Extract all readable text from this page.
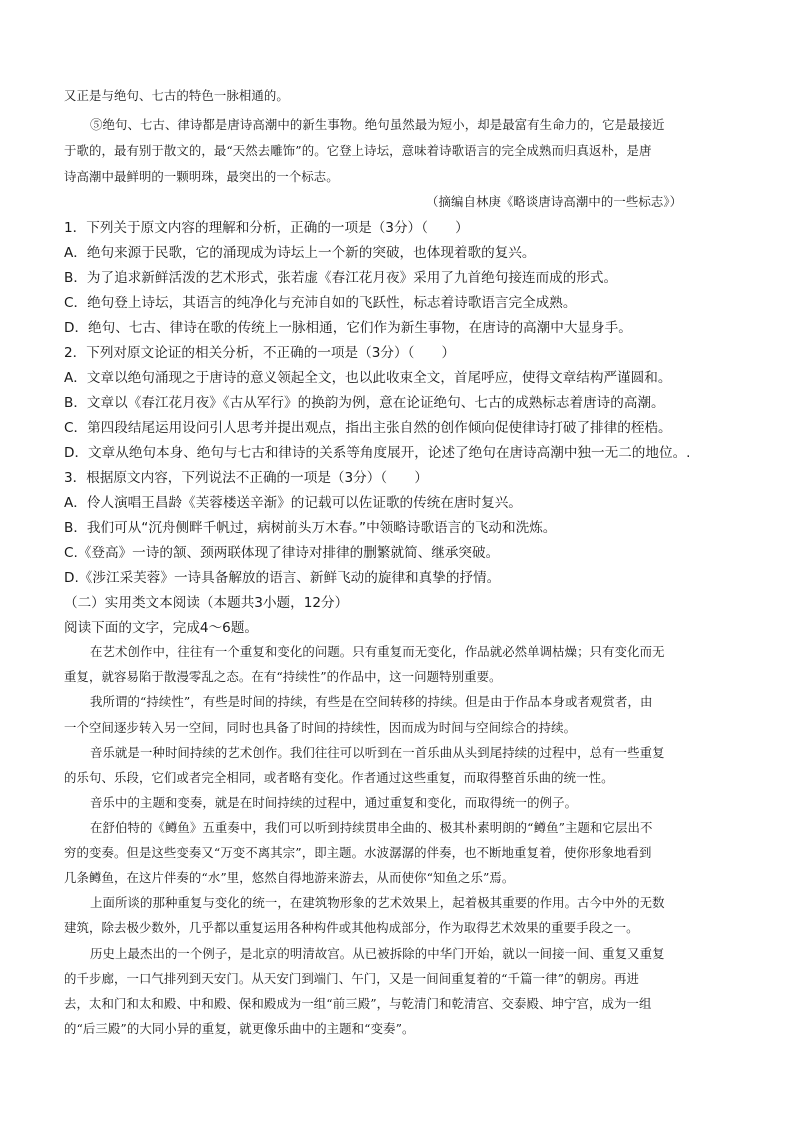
又正是与绝句、七古的特色一脉相通的。
⑤绝句、七古、律诗都是唐诗高潮中的新生事物。绝句虽然最为短小，却是最富有生命力的，它是最接近
于歌的，最有别于散文的，最“天然去雕饰”的。它登上诗坛，意味着诗歌语言的完全成熟而归真返朴，是唐
诗高潮中最鲜明的一颗明珠，最突出的一个标志。
（摘编自林庚《略谈唐诗高潮中的一些标志》）
1．下列关于原文内容的理解和分析，正确的一项是（3分）（　　）
A．绝句来源于民歌，它的涌现成为诗坛上一个新的突破，也体现着歌的复兴。
B．为了追求新鲜活泼的艺术形式，张若虚《春江花月夜》采用了九首绝句接连而成的形式。
C．绝句登上诗坛，其语言的纯净化与充沛自如的飞跃性，标志着诗歌语言完全成熟。
D．绝句、七古、律诗在歌的传统上一脉相通，它们作为新生事物，在唐诗的高潮中大显身手。
2．下列对原文论证的相关分析，不正确的一项是（3分）（　　）
A．文章以绝句涌现之于唐诗的意义领起全文，也以此收束全文，首尾呼应，使得文章结构严谨圆和。
B．文章以《春江花月夜》《古从军行》的换韵为例，意在论证绝句、七古的成熟标志着唐诗的高潮。
C．第四段结尾运用设问引人思考并提出观点，指出主张自然的创作倾向促使律诗打破了排律的桎梏。
D．文章从绝句本身、绝句与七古和律诗的关系等角度展开，论述了绝句在唐诗高潮中独一无二的地位。.
3．根据原文内容，下列说法不正确的一项是（3分）（　　）
A．伶人演唱王昌龄《芙蓉楼送辛渐》的记载可以佐证歌的传统在唐时复兴。
B．我们可从“沉舟侧畔千帆过，病树前头万木春。”中领略诗歌语言的飞动和洗炼。
C.《登高》一诗的颔、颈两联体现了律诗对排律的删繁就简、继承突破。
D.《涉江采芙蓉》一诗具备解放的语言、新鲜飞动的旋律和真挚的抒情。
（二）实用类文本阅读（本题共3小题，12分）
阅读下面的文字，完成4～6题。
在艺术创作中，往往有一个重复和变化的问题。只有重复而无变化，作品就必然单调枯燥；只有变化而无
重复，就容易陷于散漫零乱之态。在有“持续性”的作品中，这一问题特别重要。
我所谓的“持续性”，有些是时间的持续，有些是在空间转移的持续。但是由于作品本身或者观赏者，由
一个空间逐步转入另一空间，同时也具备了时间的持续性，因而成为时间与空间综合的持续。
音乐就是一种时间持续的艺术创作。我们往往可以听到在一首乐曲从头到尾持续的过程中，总有一些重复
的乐句、乐段，它们或者完全相同，或者略有变化。作者通过这些重复，而取得整首乐曲的统一性。
音乐中的主题和变奏，就是在时间持续的过程中，通过重复和变化，而取得统一的例子。
在舒伯特的《鳟鱼》五重奏中，我们可以听到持续贯串全曲的、极其朴素明朗的“鳟鱼”主题和它层出不
穷的变奏。但是这些变奏又“万变不离其宗”，即主题。水波潺潺的伴奏，也不断地重复着，使你形象地看到
几条鳟鱼，在这片伴奏的“水”里，悠然自得地游来游去，从而使你“知鱼之乐”焉。
上面所谈的那种重复与变化的统一，在建筑物形象的艺术效果上，起着极其重要的作用。古今中外的无数
建筑，除去极少数外，几乎都以重复运用各种构件或其他构成部分，作为取得艺术效果的重要手段之一。
历史上最杰出的一个例子，是北京的明清故宫。从已被拆除的中华门开始，就以一间接一间、重复又重复
的千步廊，一口气排列到天安门。从天安门到端门、午门，又是一间间重复着的“千篇一律”的朝房。再进
去，太和门和太和殿、中和殿、保和殿成为一组“前三殿”，与乾清门和乾清宫、交泰殿、坤宁宫，成为一组
的“后三殿”的大同小异的重复，就更像乐曲中的主题和“变奏”。
